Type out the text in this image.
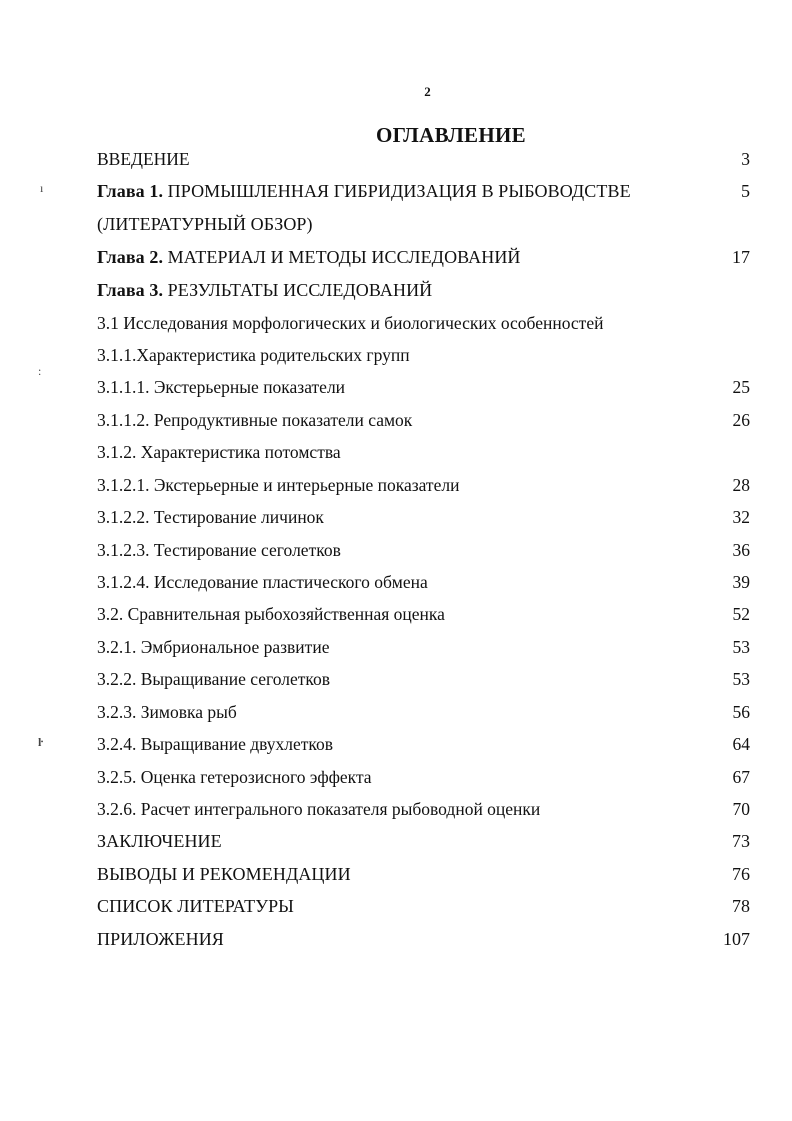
2
ОГЛАВЛЕНИЕ
ВВЕДЕНИЕ	3
Глава 1. ПРОМЫШЛЕННАЯ ГИБРИДИЗАЦИЯ В РЫБОВОДСТВЕ	5
(ЛИТЕРАТУРНЫЙ ОБЗОР)
Глава 2. МАТЕРИАЛ И МЕТОДЫ ИССЛЕДОВАНИЙ	17
Глава 3. РЕЗУЛЬТАТЫ ИССЛЕДОВАНИЙ
3.1 Исследования морфологических и биологических особенностей
3.1.1.Характеристика родительских групп
3.1.1.1. Экстерьерные показатели	25
3.1.1.2. Репродуктивные показатели самок	26
3.1.2. Характеристика потомства
3.1.2.1. Экстерьерные и интерьерные показатели	28
3.1.2.2. Тестирование личинок	32
3.1.2.3. Тестирование сеголетков	36
3.1.2.4. Исследование пластического обмена	39
3.2. Сравнительная рыбохозяйственная оценка	52
3.2.1. Эмбриональное развитие	53
3.2.2. Выращивание сеголетков	53
3.2.3. Зимовка рыб	56
3.2.4. Выращивание двухлетков	64
3.2.5. Оценка гетерозисного эффекта	67
3.2.6. Расчет интегрального показателя рыбоводной оценки	70
ЗАКЛЮЧЕНИЕ	73
ВЫВОДЫ И РЕКОМЕНДАЦИИ	76
СПИСОК ЛИТЕРАТУРЫ	78
ПРИЛОЖЕНИЯ	107
ı
:
ŀ
